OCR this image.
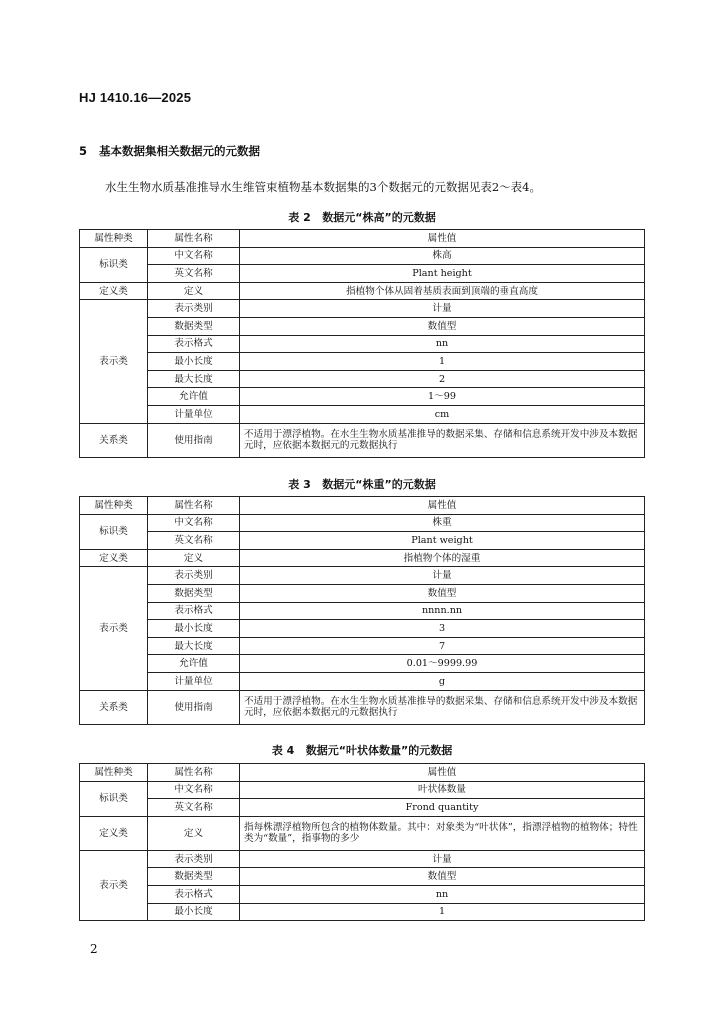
HJ 1410.16—2025
5 基本数据集相关数据元的元数据
水生生物水质基准推导水生维管束植物基本数据集的3个数据元的元数据见表2～表4。
表 2   数据元“株高”的元数据
属性种类	属性名称	属性值
标识类	中文名称	株高
	英文名称	Plant height
定义类	定义	指植物个体从固着基质表面到顶端的垂直高度
表示类	表示类别	计量
	数据类型	数值型
	表示格式	nn
	最小长度	1
	最大长度	2
	允许值	1～99
	计量单位	cm
关系类	使用指南	不适用于漂浮植物。在水生生物水质基准推导的数据采集、存储和信息系统开发中涉及本数据元时，应依据本数据元的元数据执行
表 3   数据元“株重”的元数据
属性种类	属性名称	属性值
标识类	中文名称	株重
	英文名称	Plant weight
定义类	定义	指植物个体的湿重
表示类	表示类别	计量
	数据类型	数值型
	表示格式	nnnn.nn
	最小长度	3
	最大长度	7
	允许值	0.01～9999.99
	计量单位	g
关系类	使用指南	不适用于漂浮植物。在水生生物水质基准推导的数据采集、存储和信息系统开发中涉及本数据元时，应依据本数据元的元数据执行
表 4   数据元“叶状体数量”的元数据
属性种类	属性名称	属性值
标识类	中文名称	叶状体数量
	英文名称	Frond quantity
定义类	定义	指每株漂浮植物所包含的植物体数量。其中：对象类为“叶状体”，指漂浮植物的植物体；特性类为“数量”，指事物的多少
表示类	表示类别	计量
	数据类型	数值型
	表示格式	nn
	最小长度	1
2
